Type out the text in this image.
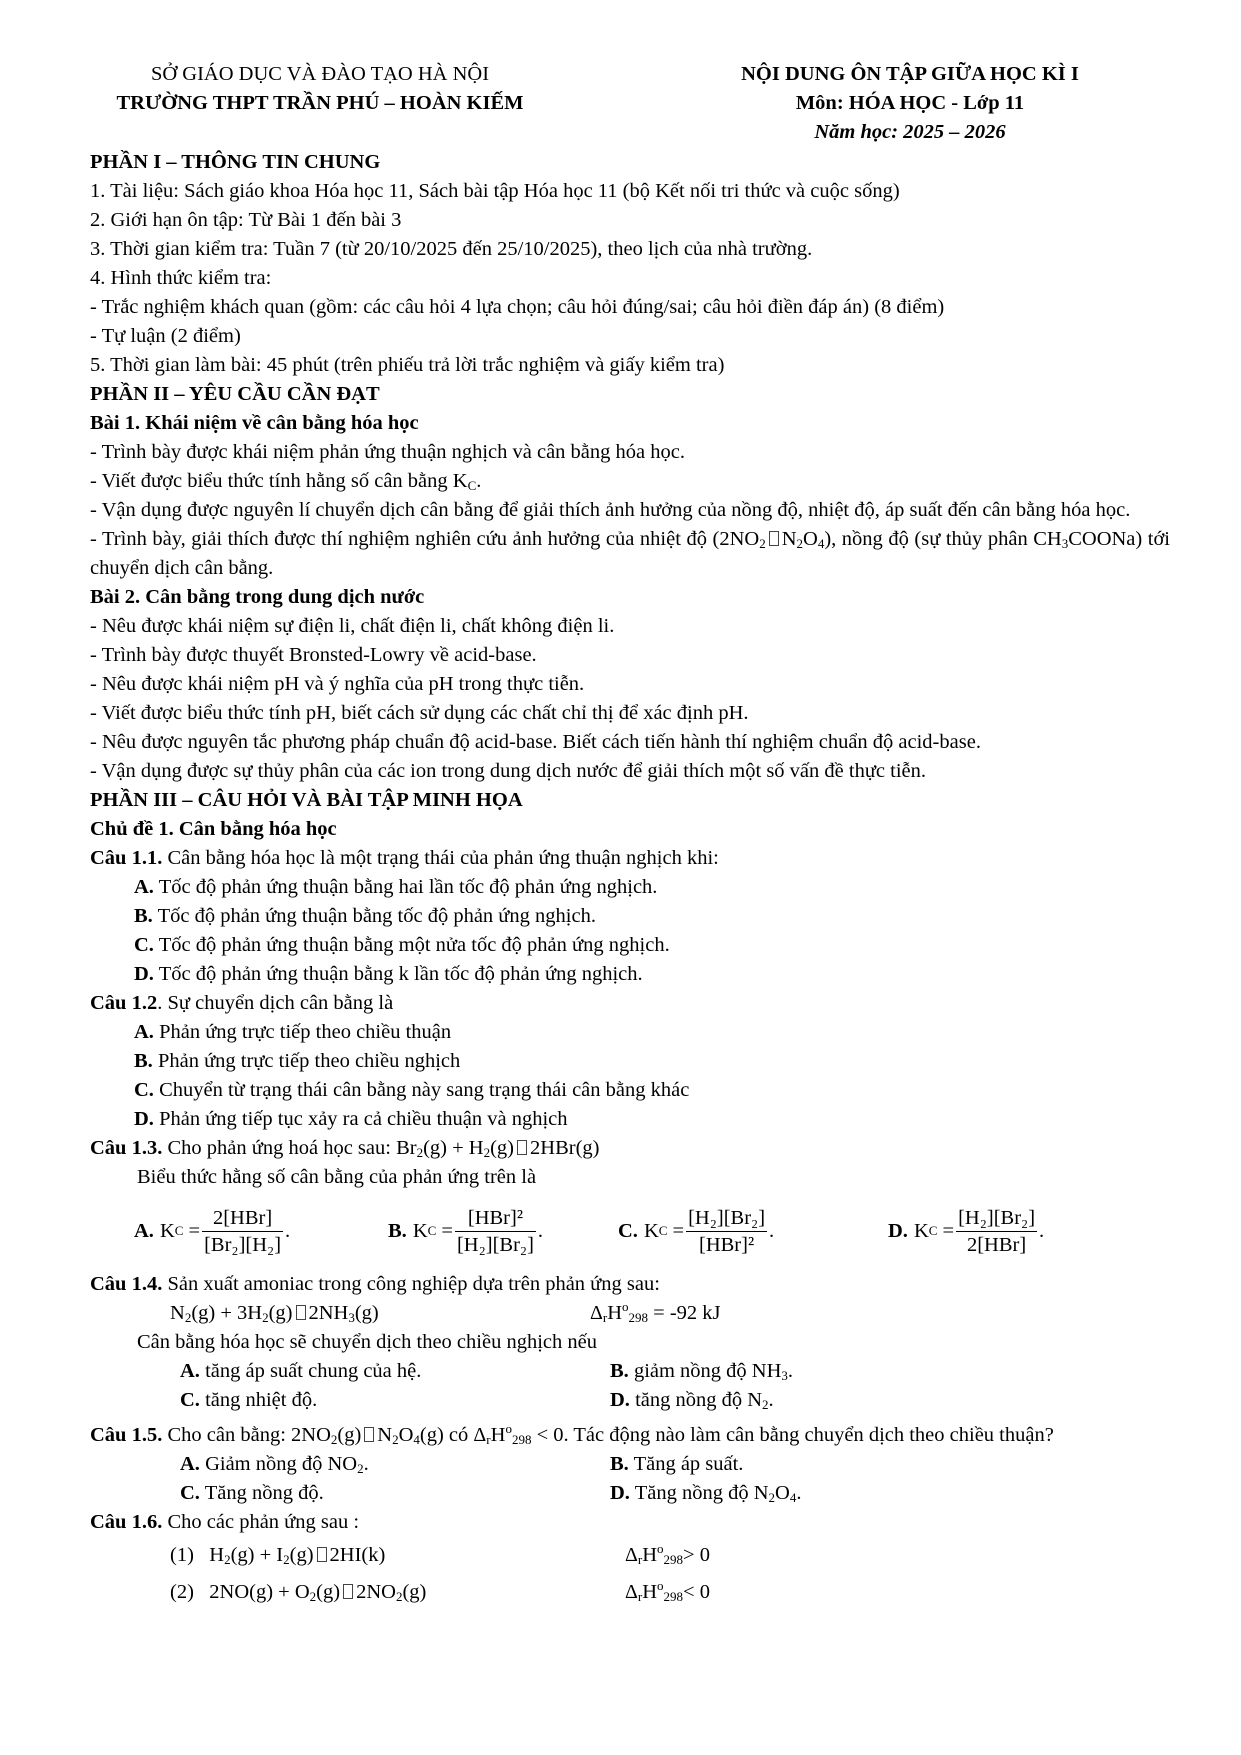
SỞ GIÁO DỤC VÀ ĐÀO TẠO HÀ NỘI
TRƯỜNG THPT TRẦN PHÚ – HOÀN KIẾM
NỘI DUNG ÔN TẬP GIỮA HỌC KÌ I
Môn: HÓA HỌC - Lớp 11
Năm học: 2025 – 2026
PHẦN I – THÔNG TIN CHUNG
1. Tài liệu: Sách giáo khoa Hóa học 11, Sách bài tập Hóa học 11 (bộ Kết nối tri thức và cuộc sống)
2. Giới hạn ôn tập: Từ Bài 1 đến bài 3
3. Thời gian kiểm tra: Tuần 7 (từ 20/10/2025 đến 25/10/2025), theo lịch của nhà trường.
4. Hình thức kiểm tra:
- Trắc nghiệm khách quan (gồm: các câu hỏi 4 lựa chọn; câu hỏi đúng/sai; câu hỏi điền đáp án) (8 điểm)
- Tự luận (2 điểm)
5. Thời gian làm bài: 45 phút (trên phiếu trả lời trắc nghiệm và giấy kiểm tra)
PHẦN II – YÊU CẦU CẦN ĐẠT
Bài 1. Khái niệm về cân bằng hóa học
- Trình bày được khái niệm phản ứng thuận nghịch và cân bằng hóa học.
- Viết được biểu thức tính hằng số cân bằng $K_C$.
- Vận dụng được nguyên lí chuyển dịch cân bằng để giải thích ảnh hưởng của nồng độ, nhiệt độ, áp suất đến cân bằng hóa học.
- Trình bày, giải thích được thí nghiệm nghiên cứu ảnh hưởng của nhiệt độ ($2NO_2$ $N_2O_4$), nồng độ (sự thủy phân $CH_3COONa$) tới chuyển dịch cân bằng.
Bài 2. Cân bằng trong dung dịch nước
- Nêu được khái niệm sự điện li, chất điện li, chất không điện li.
- Trình bày được thuyết Bronsted-Lowry về acid-base.
- Nêu được khái niệm pH và ý nghĩa của pH trong thực tiễn.
- Viết được biểu thức tính pH, biết cách sử dụng các chất chỉ thị để xác định pH.
- Nêu được nguyên tắc phương pháp chuẩn độ acid-base. Biết cách tiến hành thí nghiệm chuẩn độ acid-base.
- Vận dụng được sự thủy phân của các ion trong dung dịch nước để giải thích một số vấn đề thực tiễn.
PHẦN III – CÂU HỎI VÀ BÀI TẬP MINH HỌA
Chủ đề 1. Cân bằng hóa học
Câu 1.1. Cân bằng hóa học là một trạng thái của phản ứng thuận nghịch khi:
A. Tốc độ phản ứng thuận bằng hai lần tốc độ phản ứng nghịch.
B. Tốc độ phản ứng thuận bằng tốc độ phản ứng nghịch.
C. Tốc độ phản ứng thuận bằng một nửa tốc độ phản ứng nghịch.
D. Tốc độ phản ứng thuận bằng k lần tốc độ phản ứng nghịch.
Câu 1.2. Sự chuyển dịch cân bằng là
A. Phản ứng trực tiếp theo chiều thuận
B. Phản ứng trực tiếp theo chiều nghịch
C. Chuyển từ trạng thái cân bằng này sang trạng thái cân bằng khác
D. Phản ứng tiếp tục xảy ra cả chiều thuận và nghịch
Câu 1.3. Cho phản ứng hoá học sau: $Br_2(g) + H_2(g)$ 2HBr(g)
Biểu thức hằng số cân bằng của phản ứng trên là
A. K $C = \frac{\text{2[HBr]}}{\text{[Br₂][H₂]}}$ .	B. K $C = \frac{\text{[HBr]²}}{\text{[H₂][Br₂]}}$ .	C. K $C = \frac{\text{[H₂][Br₂]}}{\text{[HBr]²}}$ .	D. K $C = \frac{\text{[H₂][Br₂]}}{\text{2[HBr]}}$ .
Câu 1.4. Sản xuất amoniac trong công nghiệp dựa trên phản ứng sau:
$N_2(g) + 3H_2(g)$ $2NH_3(g)$	$\Delta_rH^o_{298} = -92$ kJ
Cân bằng hóa học sẽ chuyển dịch theo chiều nghịch nếu
A. tăng áp suất chung của hệ.	B. giảm nồng độ $NH_3$.
C. tăng nhiệt độ.	D. tăng nồng độ $N_2$.
Câu 1.5. Cho cân bằng: $2NO_2(g)$ $N_2O_4(g)$ có $\Delta_rH^o_{298} < 0$. Tác động nào làm cân bằng chuyển dịch theo chiều thuận?
A. Giảm nồng độ $NO_2$.	B. Tăng áp suất.
C. Tăng nồng độ.	D. Tăng nồng độ $N_2O_4$.
Câu 1.6. Cho các phản ứng sau :
(1) $H_2(g) + I_2(g)$ 2HI(k)	$\Delta_rH^o_{298}> 0$
(2) $2NO(g) + O_2(g)$ $2NO_2(g)$	$\Delta_rH^o_{298}< 0$
